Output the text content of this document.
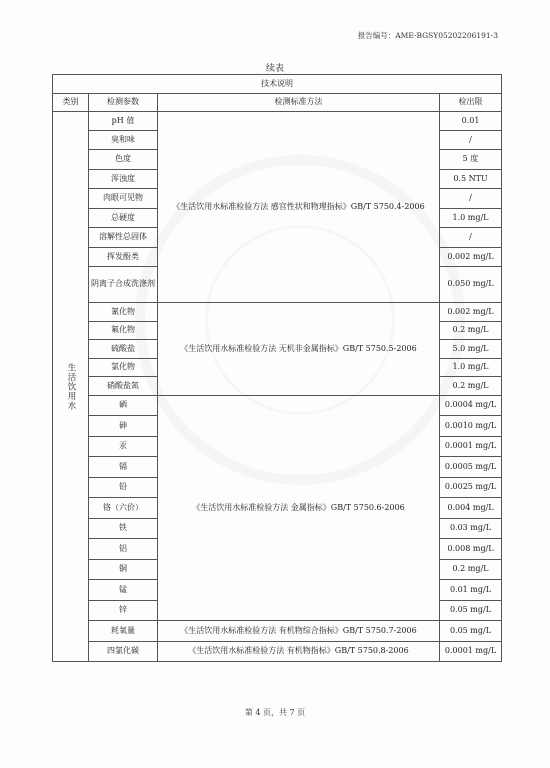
报告编号：AME-BGSY05202206191-3
续表
技术说明			
类别	检测参数	检测标准方法	检出限
生活饮用水	pH 值	《生活饮用水标准检验方法 感官性状和物理指标》GB/T 5750.4-2006	0.01
	臭和味		/
	色度		5 度
	浑浊度		0.5 NTU
	肉眼可见物		/
	总硬度		1.0 mg/L
	溶解性总固体		/
	挥发酚类		0.002 mg/L
	阴离子合成洗涤剂		0.050 mg/L
	氰化物	《生活饮用水标准检验方法 无机非金属指标》GB/T 5750.5-2006	0.002 mg/L
	氟化物		0.2 mg/L
	硫酸盐		5.0 mg/L
	氯化物		1.0 mg/L
	硝酸盐氮		0.2 mg/L
	硒	《生活饮用水标准检验方法 金属指标》GB/T 5750.6-2006	0.0004 mg/L
	砷		0.0010 mg/L
	汞		0.0001 mg/L
	镉		0.0005 mg/L
	铅		0.0025 mg/L
	铬（六价）		0.004 mg/L
	铁		0.03 mg/L
	铝		0.008 mg/L
	铜		0.2 mg/L
	锰		0.01 mg/L
	锌		0.05 mg/L
	耗氧量	《生活饮用水标准检验方法 有机物综合指标》GB/T 5750.7-2006	0.05 mg/L
	四氯化碳	《生活饮用水标准检验方法 有机物指标》GB/T 5750.8-2006	0.0001 mg/L
第 4 页，共 7 页
